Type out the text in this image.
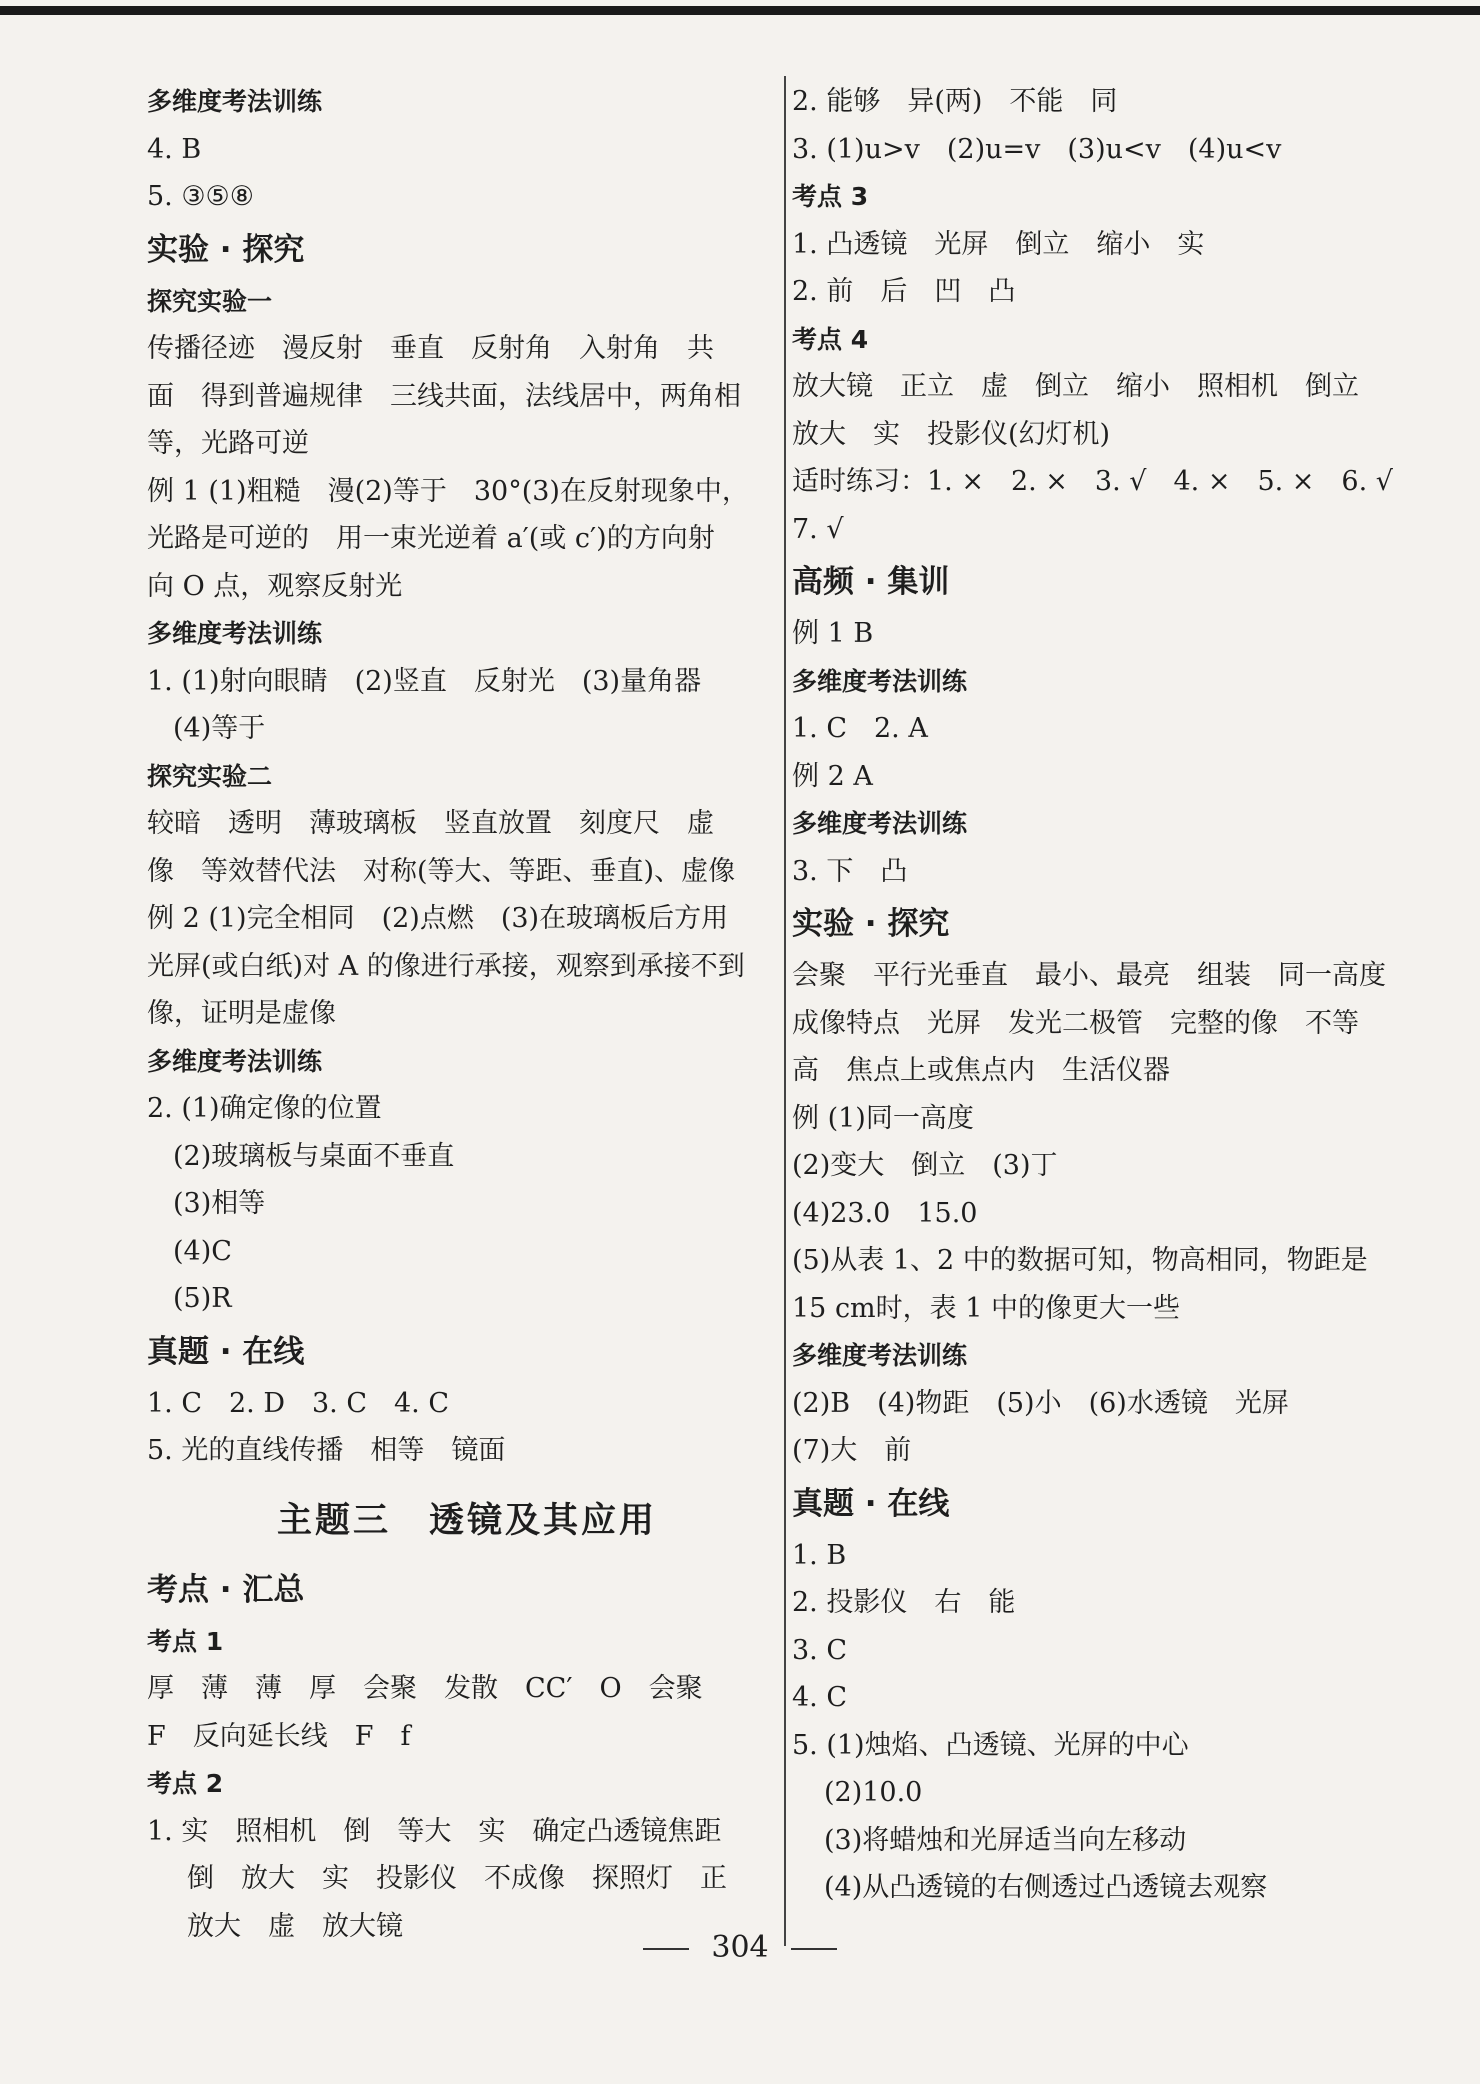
多维度考法训练

4. B

5. ③⑤⑧

实验 · 探究

探究实验一

传播径迹　漫反射　垂直　反射角　入射角　共

面　得到普遍规律　三线共面，法线居中，两角相

等，光路可逆

例 1 (1)粗糙　漫(2)等于　30°(3)在反射现象中，

光路是可逆的　用一束光逆着 a′(或 c′)的方向射

向 O 点，观察反射光

多维度考法训练

1. (1)射向眼睛　(2)竖直　反射光　(3)量角器

(4)等于

探究实验二

较暗　透明　薄玻璃板　竖直放置　刻度尺　虚

像　等效替代法　对称(等大、等距、垂直)、虚像

例 2 (1)完全相同　(2)点燃　(3)在玻璃板后方用

光屏(或白纸)对 A 的像进行承接，观察到承接不到

像，证明是虚像

多维度考法训练

2. (1)确定像的位置

(2)玻璃板与桌面不垂直

(3)相等

(4)C

(5)R

真题 · 在线

1. C　2. D　3. C　4. C

5. 光的直线传播　相等　镜面

主题三　透镜及其应用

考点 · 汇总

考点 1

厚　薄　薄　厚　会聚　发散　CC′　O　会聚

F　反向延长线　F　f

考点 2

1. 实　照相机　倒　等大　实　确定凸透镜焦距

倒　放大　实　投影仪　不成像　探照灯　正

放大　虚　放大镜

2. 能够　异(两)　不能　同

3. (1)u>v　(2)u=v　(3)u<v　(4)u<v

考点 3

1. 凸透镜　光屏　倒立　缩小　实

2. 前　后　凹　凸

考点 4

放大镜　正立　虚　倒立　缩小　照相机　倒立

放大　实　投影仪(幻灯机)

适时练习：1. ×　2. ×　3. √　4. ×　5. ×　6. √

7. √

高频 · 集训

例 1 B

多维度考法训练

1. C　2. A

例 2 A

多维度考法训练

3. 下　凸

实验 · 探究

会聚　平行光垂直　最小、最亮　组装　同一高度

成像特点　光屏　发光二极管　完整的像　不等

高　焦点上或焦点内　生活仪器

例 (1)同一高度

(2)变大　倒立　(3)丁

(4)23.0　15.0

(5)从表 1、2 中的数据可知，物高相同，物距是

15 cm时，表 1 中的像更大一些

多维度考法训练

(2)B　(4)物距　(5)小　(6)水透镜　光屏

(7)大　前

真题 · 在线

1. B

2. 投影仪　右　能

3. C

4. C

5. (1)烛焰、凸透镜、光屏的中心

(2)10.0

(3)将蜡烛和光屏适当向左移动

(4)从凸透镜的右侧透过凸透镜去观察

304
